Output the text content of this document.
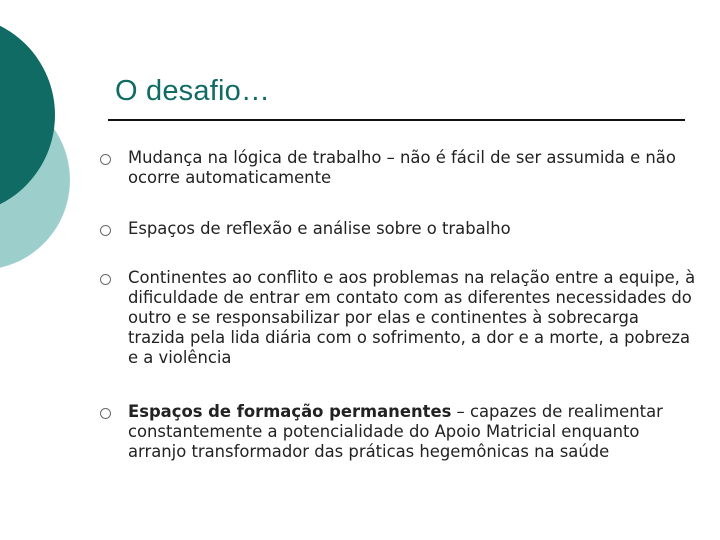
O desafio…
Mudança na lógica de trabalho – não é fácil de ser assumida e não ocorre automaticamente
Espaços de reflexão e análise sobre o trabalho
Continentes ao conflito e aos problemas na relação entre a equipe, à dificuldade de entrar em contato com as diferentes necessidades do outro e se responsabilizar por elas e continentes à sobrecarga trazida pela lida diária com o sofrimento, a dor e a morte, a pobreza e a violência
Espaços de formação permanentes – capazes de realimentar constantemente a potencialidade do Apoio Matricial enquanto arranjo transformador das práticas hegemônicas na saúde
